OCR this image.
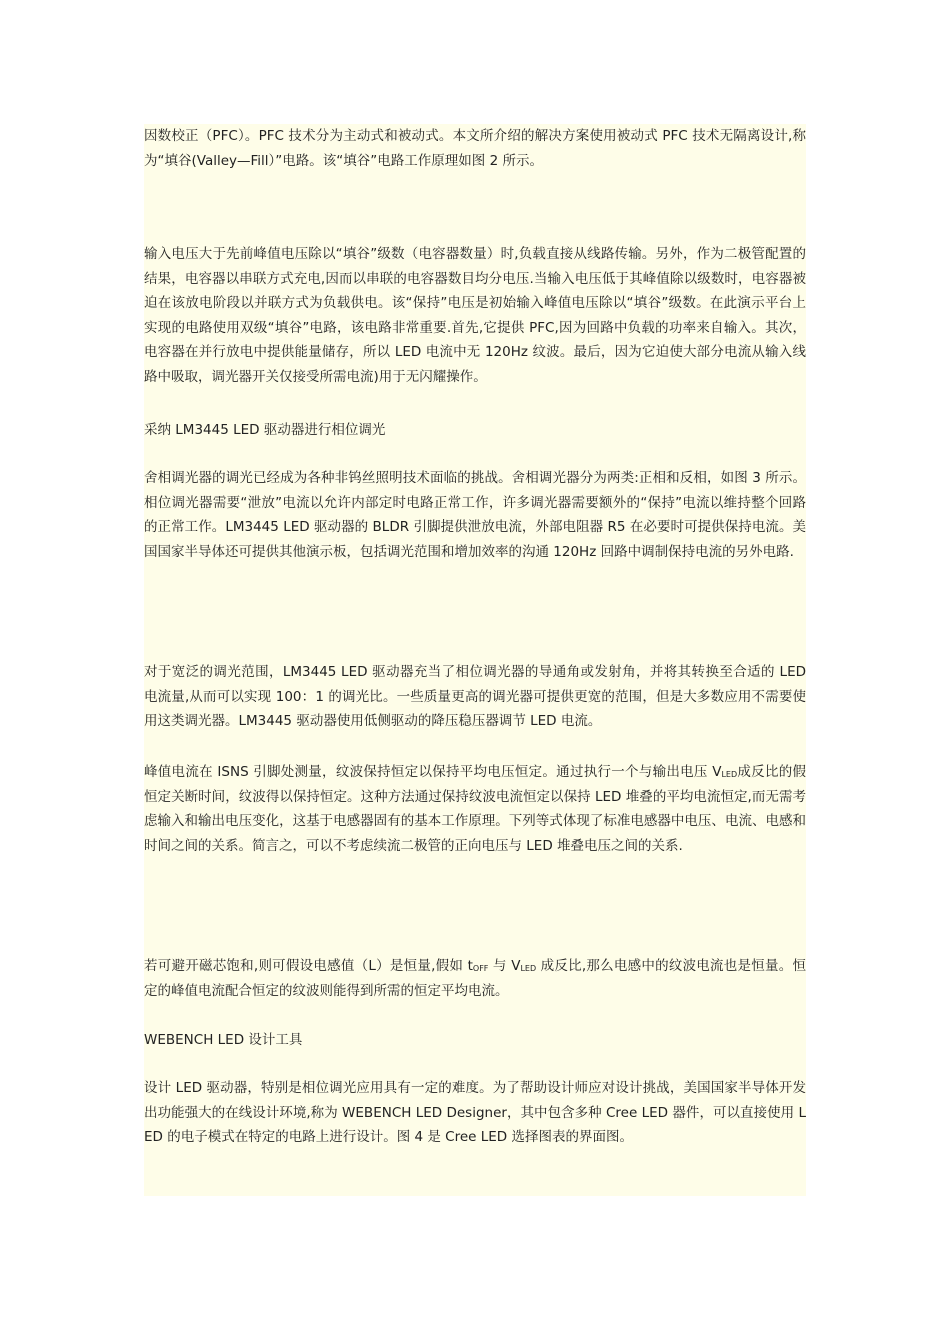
因数校正（PFC）。PFC 技术分为主动式和被动式。本文所介绍的解决方案使用被动式 PFC 技术无隔离设计,称为“填谷(Valley—Fill）”电路。该“填谷”电路工作原理如图 2 所示。

输入电压大于先前峰值电压除以“填谷”级数（电容器数量）时,负载直接从线路传输。另外，作为二极管配置的结果，电容器以串联方式充电,因而以串联的电容器数目均分电压.当输入电压低于其峰值除以级数时，电容器被迫在该放电阶段以并联方式为负载供电。该“保持”电压是初始输入峰值电压除以“填谷”级数。在此演示平台上实现的电路使用双级“填谷”电路，该电路非常重要.首先,它提供 PFC,因为回路中负载的功率来自输入。其次，电容器在并行放电中提供能量储存，所以 LED 电流中无 120Hz 纹波。最后，因为它迫使大部分电流从输入线路中吸取，调光器开关仅接受所需电流)用于无闪耀操作。

采纳 LM3445 LED 驱动器进行相位调光

舍相调光器的调光已经成为各种非钨丝照明技术面临的挑战。舍相调光器分为两类:正相和反相，如图 3 所示。相位调光器需要“泄放”电流以允许内部定时电路正常工作，许多调光器需要额外的“保持”电流以维持整个回路的正常工作。LM3445 LED 驱动器的 BLDR 引脚提供泄放电流，外部电阻器 R5 在必要时可提供保持电流。美国国家半导体还可提供其他演示板，包括调光范围和增加效率的沟通 120Hz 回路中调制保持电流的另外电路.

对于宽泛的调光范围，LM3445 LED 驱动器充当了相位调光器的导通角或发射角，并将其转换至合适的 LED 电流量,从而可以实现 100：1 的调光比。一些质量更高的调光器可提供更宽的范围，但是大多数应用不需要使用这类调光器。LM3445 驱动器使用低侧驱动的降压稳压器调节 LED 电流。

峰值电流在 ISNS 引脚处测量，纹波保持恒定以保持平均电压恒定。通过执行一个与输出电压 $V_{LED}$成反比的假恒定关断时间，纹波得以保持恒定。这种方法通过保持纹波电流恒定以保持 LED 堆叠的平均电流恒定,而无需考虑输入和输出电压变化，这基于电感器固有的基本工作原理。下列等式体现了标准电感器中电压、电流、电感和时间之间的关系。简言之，可以不考虑续流二极管的正向电压与 LED 堆叠电压之间的关系.

若可避开磁芯饱和,则可假设电感值（L）是恒量,假如 $t_{OFF}$ 与 $V_{LED}$ 成反比,那么电感中的纹波电流也是恒量。恒定的峰值电流配合恒定的纹波则能得到所需的恒定平均电流。

WEBENCH LED 设计工具

设计 LED 驱动器，特别是相位调光应用具有一定的难度。为了帮助设计师应对设计挑战，美国国家半导体开发出功能强大的在线设计环境,称为 WEBENCH LED Designer，其中包含多种 Cree LED 器件，可以直接使用 LED 的电子模式在特定的电路上进行设计。图 4 是 Cree LED 选择图表的界面图。
